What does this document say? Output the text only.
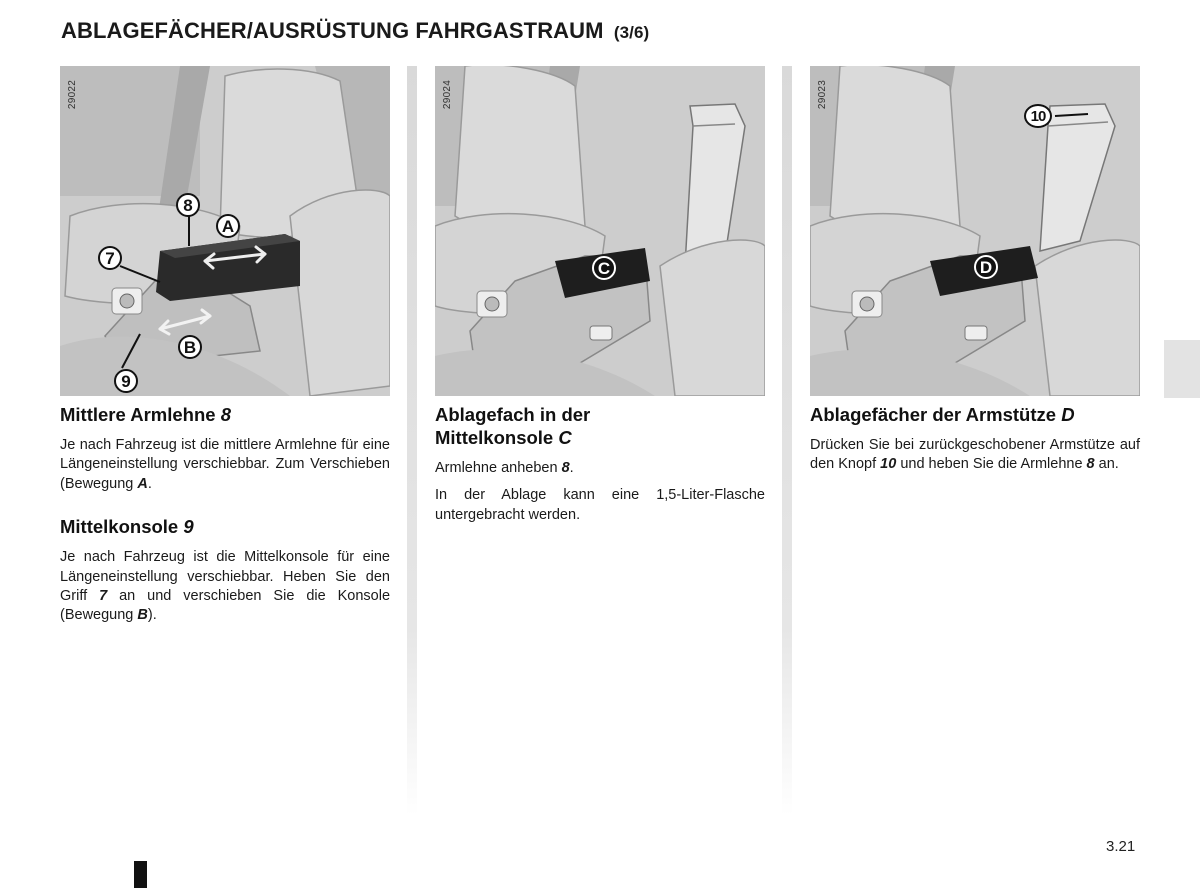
ABLAGEFÄCHER/AUSRÜSTUNG FAHRGASTRAUM (3/6)
29022
8
A
7
B
9
Mittlere Armlehne 8

Je nach Fahrzeug ist die mittlere Armlehne für eine Längeneinstellung verschiebbar. Zum Verschieben (Bewegung A.

Mittelkonsole 9

Je nach Fahrzeug ist die Mittelkonsole für eine Längeneinstellung verschiebbar. Heben Sie den Griff 7 an und verschieben Sie die Konsole (Bewegung B).

29024
C
Ablagefach in der Mittelkonsole C

Armlehne anheben 8.

In der Ablage kann eine 1,5-Liter-Flasche untergebracht werden.

29023
10
D
Ablagefächer der Armstütze D

Drücken Sie bei zurückgeschobener Armstütze auf den Knopf 10 und heben Sie die Armlehne 8 an.

3.21
